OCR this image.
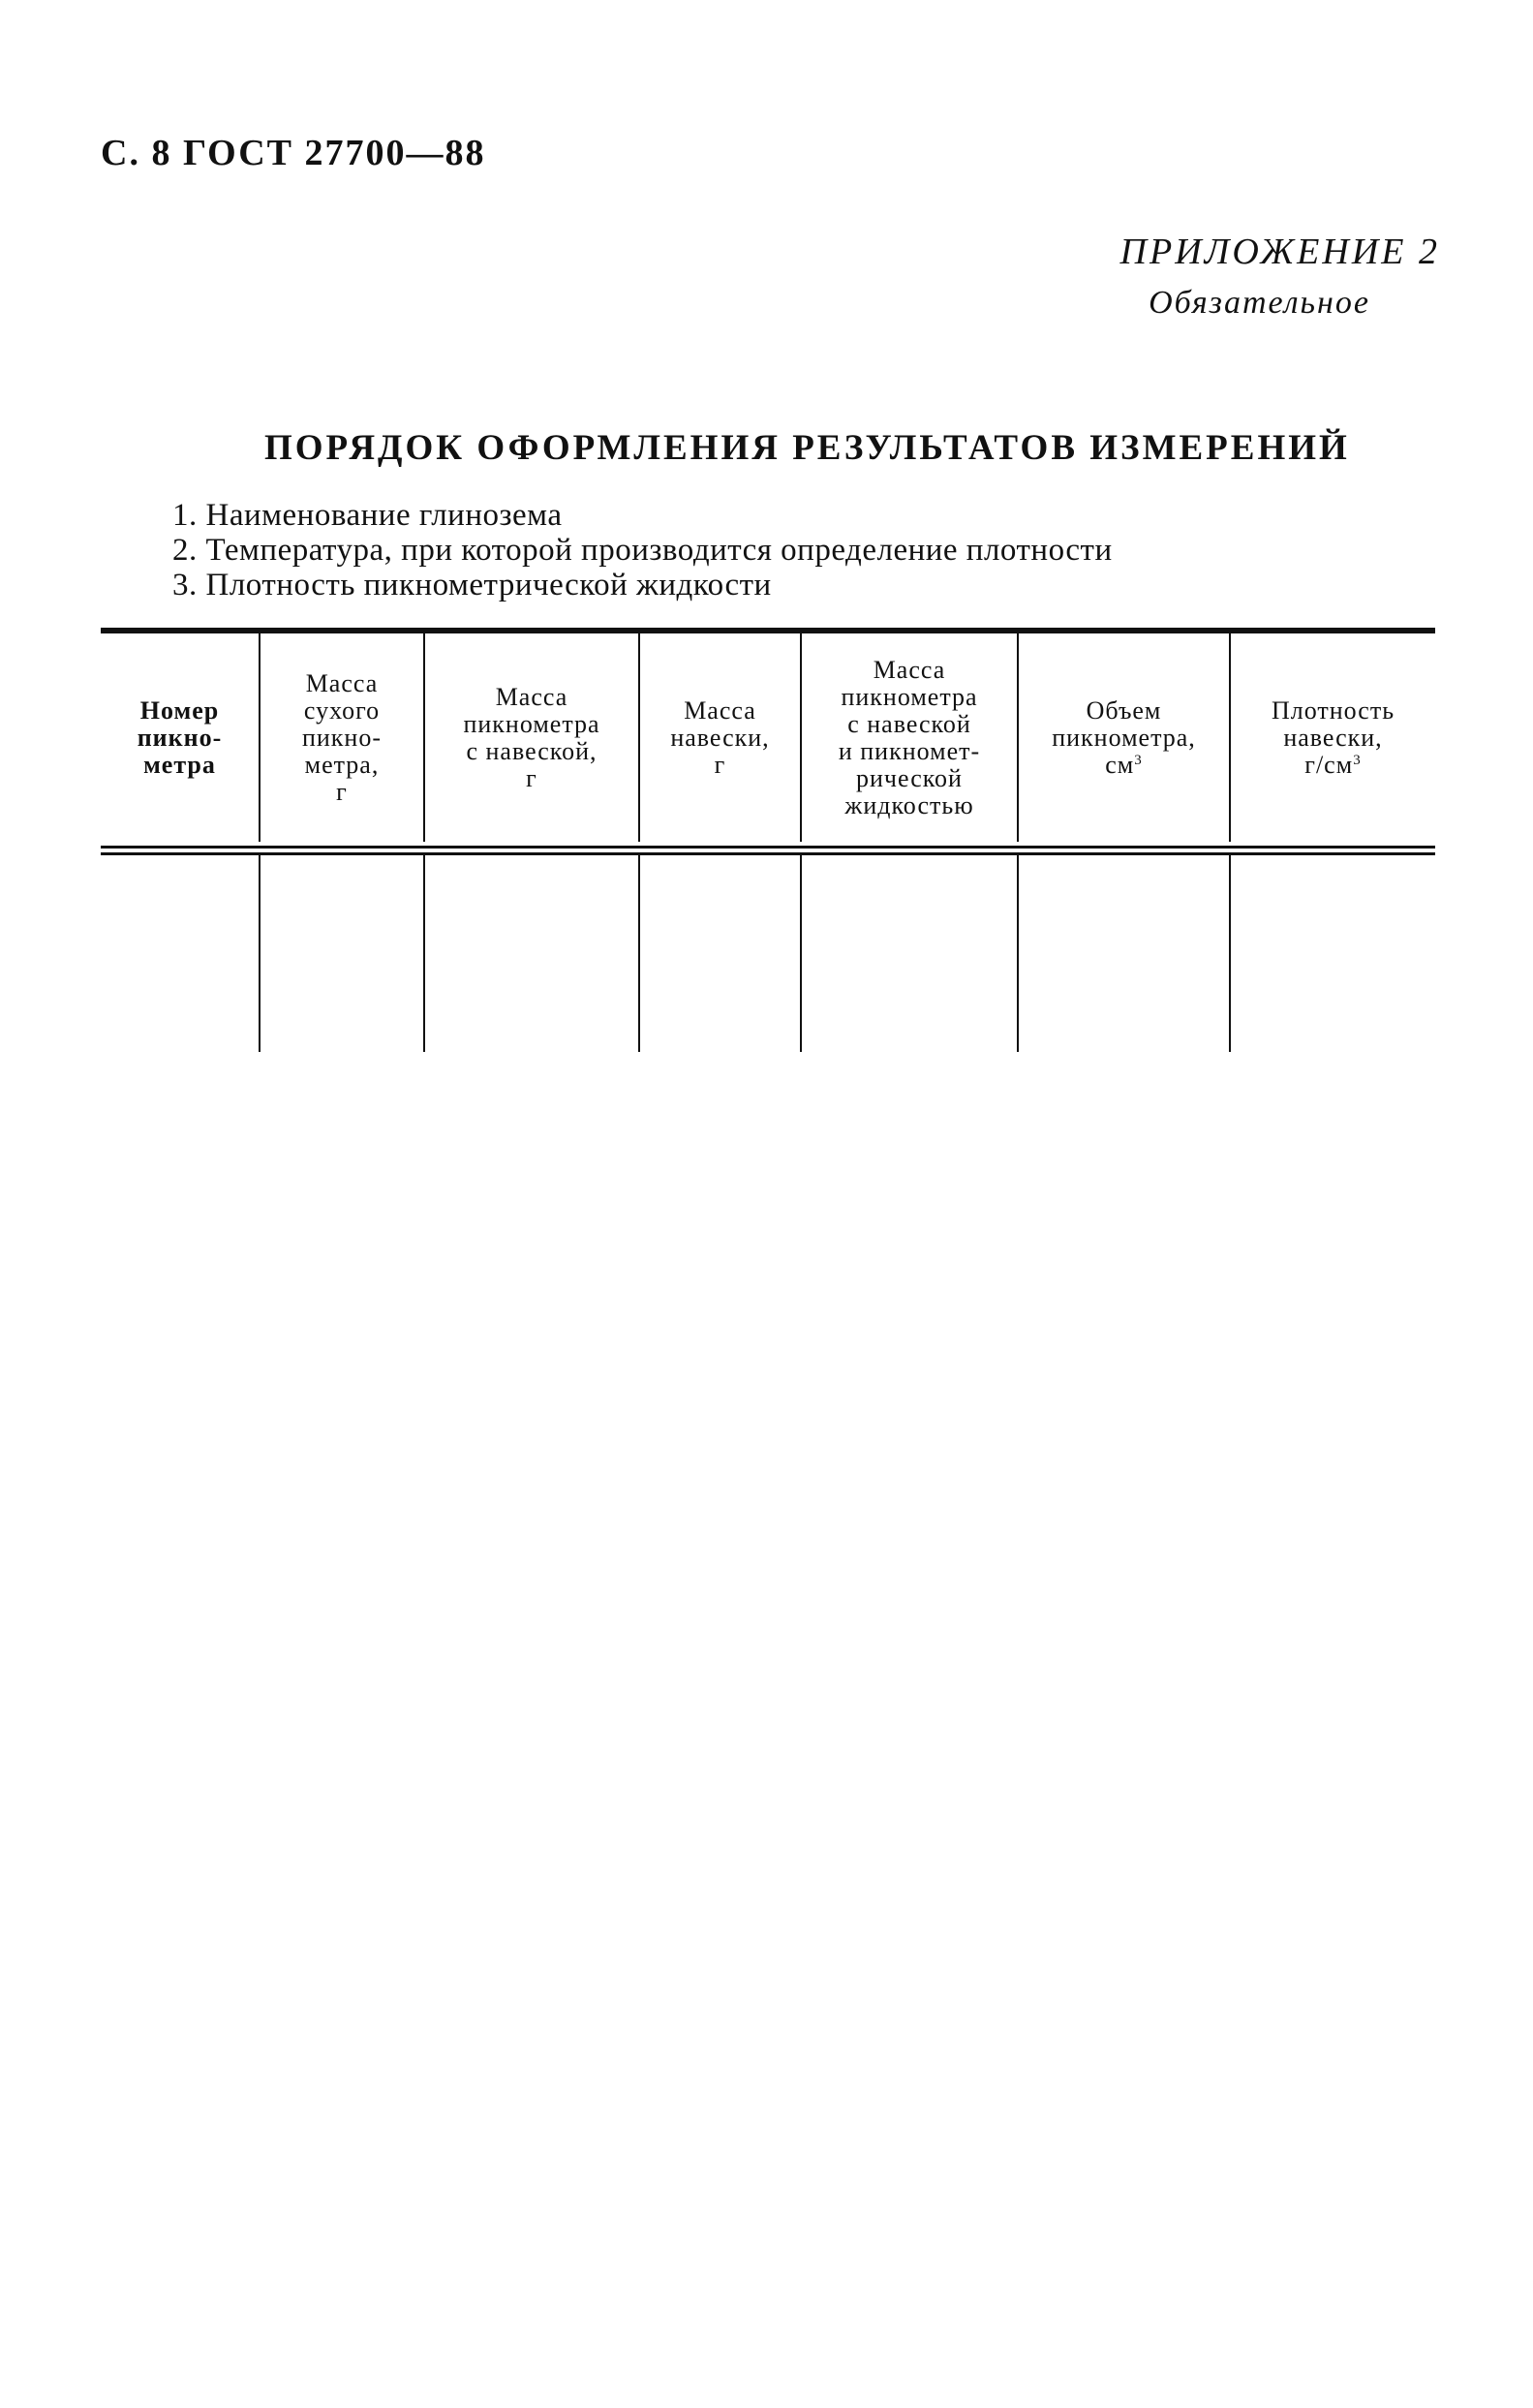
С. 8 ГОСТ 27700—88
ПРИЛОЖЕНИЕ 2
Обязательное
ПОРЯДОК ОФОРМЛЕНИЯ РЕЗУЛЬТАТОВ ИЗМЕРЕНИЙ
1. Наименование глинозема
2. Температура, при которой производится определение плотности
3. Плотность пикнометрической жидкости
Номер
пикно-
метра
Масса
сухого
пикно-
метра,
г
Масса
пикнометра
с навеской,
г
Масса
навески,
г
Масса
пикнометра
с навеской
и пикномет-
рической
жидкостью
Объем
пикнометра,
$см^3$
Плотность
навески,
$г/см^3$
